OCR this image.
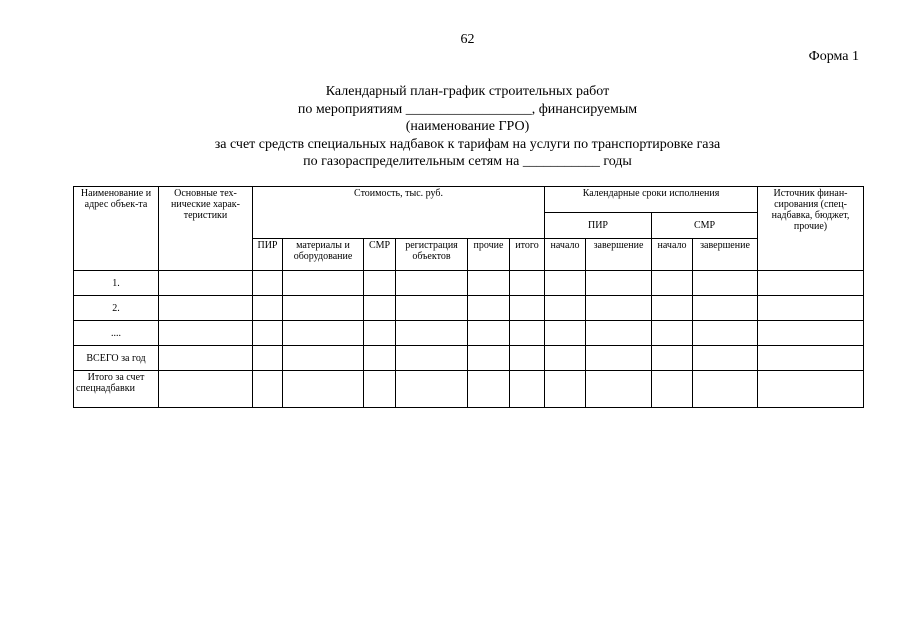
62
Форма 1
Календарный план-график строительных работ
по мероприятиям __________________, финансируемым
(наименование ГРО)
за счет средств специальных надбавок к тарифам на услуги по транспортировке газа
по газораспределительным сетям на ___________ годы
Наименование и адрес объек-та	Основные тех-нические харак-теристики	Стоимость, тыс. руб.						Календарные сроки исполнения				Источник финан-сирования (спец-надбавка, бюджет, прочие)
								ПИР		СМР		
		ПИР	материалы и оборудование	СМР	регистрация объектов	прочие	итого	начало	завершение	начало	завершение	
1.												
2.												
....												
ВСЕГО за год												
Итого за счет спецнадбавки												
